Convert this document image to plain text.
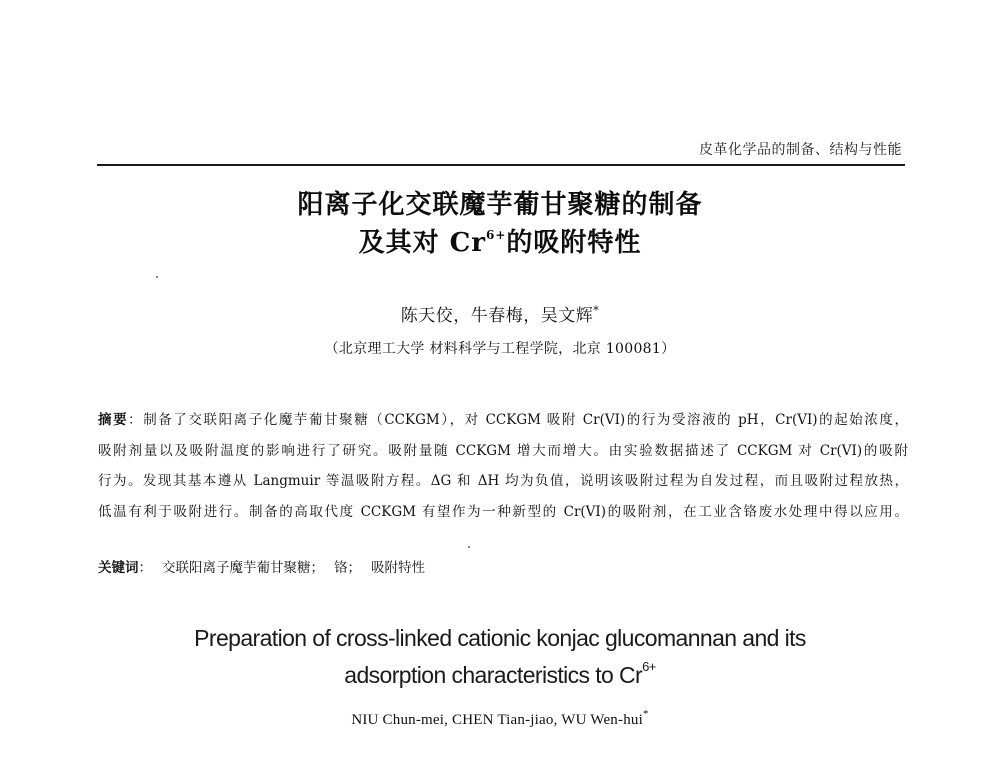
皮革化学品的制备、结构与性能
阳离子化交联魔芋葡甘聚糖的制备
及其对 $Cr^{6+}$的吸附特性
陈天佼，牛春梅，吴文辉*
（北京理工大学 材料科学与工程学院，北京 100081）
摘要：制备了交联阳离子化魔芋葡甘聚糖（CCKGM），对 CCKGM 吸附 Cr(VI)的行为受溶液的 pH，Cr(VI)的起始浓度，
吸附剂量以及吸附温度的影响进行了研究。吸附量随 CCKGM 增大而增大。由实验数据描述了 CCKGM 对 Cr(VI)的吸附
行为。发现其基本遵从 Langmuir 等温吸附方程。ΔG 和 ΔH 均为负值，说明该吸附过程为自发过程，而且吸附过程放热，
低温有利于吸附进行。制备的高取代度 CCKGM 有望作为一种新型的 Cr(VI)的吸附剂，在工业含铬废水处理中得以应用。
关键词： 交联阳离子魔芋葡甘聚糖； 铬； 吸附特性
Preparation of cross-linked cationic konjac glucomannan and its
adsorption characteristics to $Cr^{6+}$
NIU Chun-mei, CHEN Tian-jiao, WU Wen-hui*
